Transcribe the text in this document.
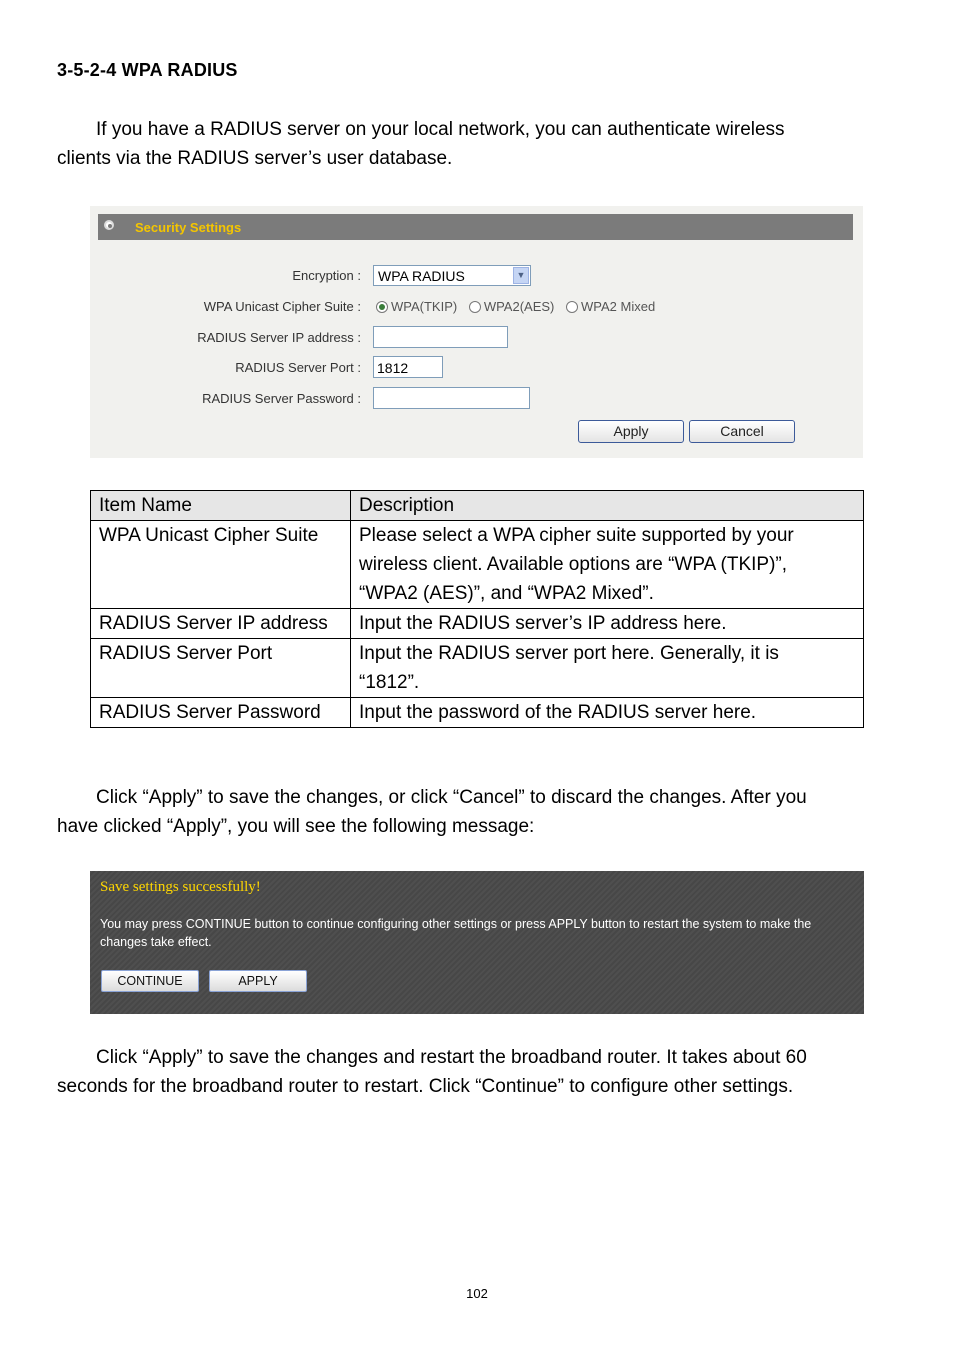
3-5-2-4 WPA RADIUS
If you have a RADIUS server on your local network, you can authenticate wireless
clients via the RADIUS server’s user database.
Security Settings
Encryption :	WPA RADIUS	▼
WPA Unicast Cipher Suite : WPA(TKIP)
WPA2(AES)
WPA2 Mixed
RADIUS Server IP address :
RADIUS Server Port : 1812
RADIUS Server Password :
Apply	Cancel
Item Name	Description
WPA Unicast Cipher Suite	Please select a WPA cipher suite supported by your
wireless client. Available options are “WPA (TKIP)”,
“WPA2 (AES)”, and “WPA2 Mixed”.
RADIUS Server IP address	Input the RADIUS server’s IP address here.
RADIUS Server Port	Input the RADIUS server port here. Generally, it is
“1812”.
RADIUS Server Password	Input the password of the RADIUS server here.
Click “Apply” to save the changes, or click “Cancel” to discard the changes. After you
have clicked “Apply”, you will see the following message:
Save settings successfully!
You may press CONTINUE button to continue configuring other settings or press APPLY button to restart the system to make the
changes take effect.
CONTINUE	APPLY
Click “Apply” to save the changes and restart the broadband router. It takes about 60
seconds for the broadband router to restart. Click “Continue” to configure other settings.
102
